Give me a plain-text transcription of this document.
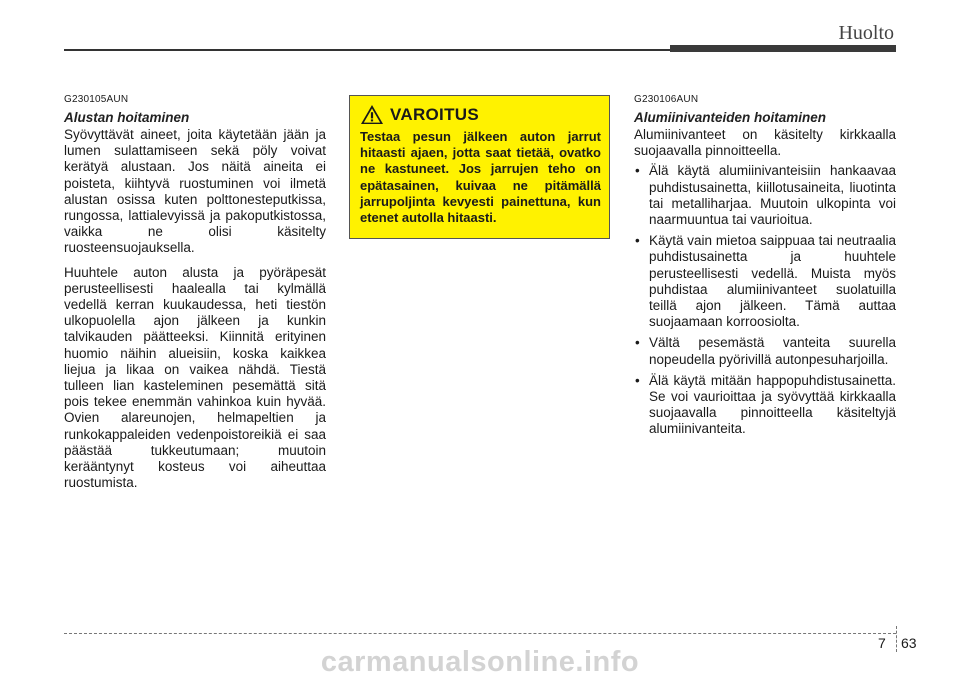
Huolto
G230105AUN
Alustan hoitaminen

Syövyttävät aineet, joita käytetään jään ja lumen sulattamiseen sekä pöly voivat kerätyä alustaan. Jos näitä aineita ei poisteta, kiihtyvä ruostuminen voi ilmetä alustan osissa kuten polttonesteputkissa, rungossa, lattialevyissä ja pakoputkistossa, vaikka ne olisi käsitelty ruosteensuojauksella.

Huuhtele auton alusta ja pyöräpesät perusteellisesti haalealla tai kylmällä vedellä kerran kuukaudessa, heti tiestön ulkopuolella ajon jälkeen ja kunkin talvikauden päätteeksi. Kiinnitä erityinen huomio näihin alueisiin, koska kaikkea liejua ja likaa on vaikea nähdä. Tiestä tulleen lian kasteleminen pesemättä sitä pois tekee enemmän vahinkoa kuin hyvää. Ovien alareunojen, helmapeltien ja runkokappaleiden vedenpoistoreikiä ei saa päästää tukkeutumaan; muutoin kerääntynyt kosteus voi aiheuttaa ruostumista.

VAROITUS
Testaa pesun jälkeen auton jarrut hitaasti ajaen, jotta saat tietää, ovatko ne kastuneet. Jos jarrujen teho on epätasainen, kuivaa ne pitämällä jarrupoljinta kevyesti painettuna, kun etenet autolla hitaasti.
G230106AUN
Alumiinivanteiden hoitaminen

Alumiinivanteet on käsitelty kirkkaalla suojaavalla pinnoitteella.

• Älä käytä alumiinivanteisiin hankaavaa puhdistusainetta, kiillotusaineita, liuotinta tai metalliharjaa. Muutoin ulkopinta voi naarmuuntua tai vaurioitua.
• Käytä vain mietoa saippuaa tai neutraalia puhdistusainetta ja huuhtele perusteellisesti vedellä. Muista myös puhdistaa alumiinivanteet suolatuilla teillä ajon jälkeen. Tämä auttaa suojaamaan korroosiolta.
• Vältä pesemästä vanteita suurella nopeudella pyörivillä autonpesuharjoilla.
• Älä käytä mitään happopuhdistusainetta. Se voi vaurioittaa ja syövyttää kirkkaalla suojaavalla pinnoitteella käsiteltyjä alumiinivanteita.
7 63
carmanualsonline.info
